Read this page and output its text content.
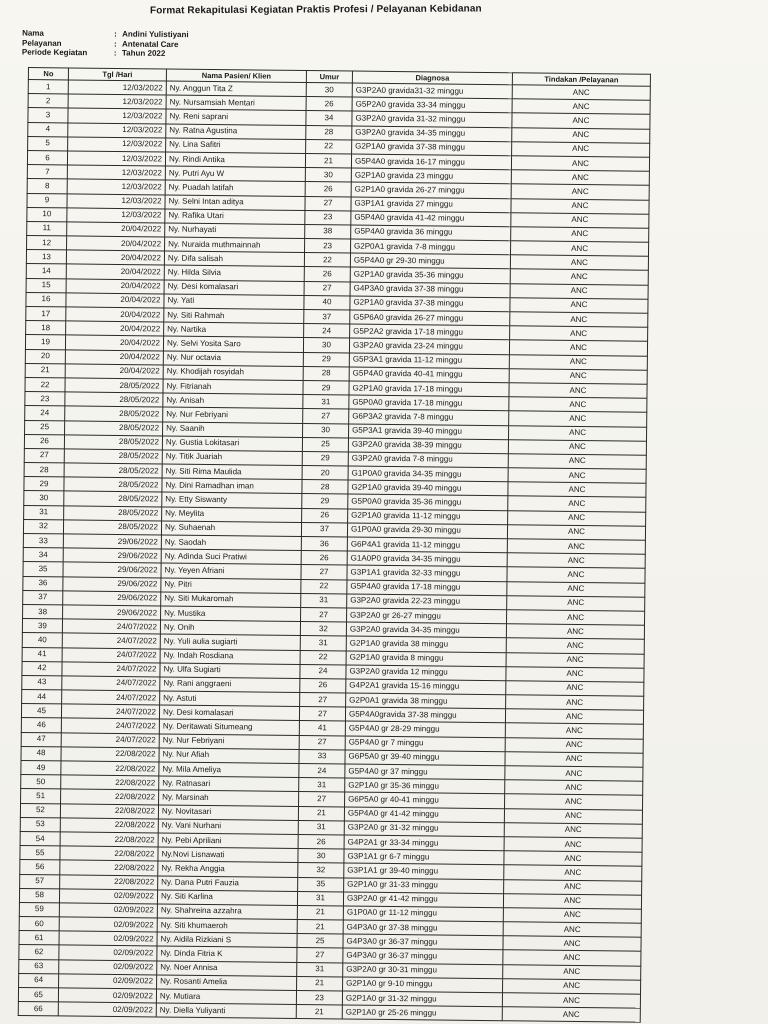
Format Rekapitulasi Kegiatan Praktis Profesi / Pelayanan Kebidanan
Nama	: Andini Yulistiyani
Pelayanan	: Antenatal Care
Periode Kegiatan	: Tahun 2022
No	Tgl /Hari	Nama Pasien/ Klien	Umur	Diagnosa	Tindakan /Pelayanan
1	12/03/2022	Ny. Anggun Tita Z	30	G3P2A0 gravida31-32 minggu	ANC
2	12/03/2022	Ny. Nursamsiah Mentari	26	G5P2A0 gravida 33-34 minggu	ANC
3	12/03/2022	Ny. Reni saprani	34	G3P2A0 gravida 31-32 minggu	ANC
4	12/03/2022	Ny. Ratna Agustina	28	G3P2A0 gravida 34-35 minggu	ANC
5	12/03/2022	Ny. Lina Safitri	22	G2P1A0 gravida 37-38 minggu	ANC
6	12/03/2022	Ny. Rindi Antika	21	G5P4A0 gravida 16-17 minggu	ANC
7	12/03/2022	Ny. Putri Ayu W	30	G2P1A0 gravida 23 minggu	ANC
8	12/03/2022	Ny. Puadah latifah	26	G2P1A0 gravida 26-27 minggu	ANC
9	12/03/2022	Ny. Selni Intan aditya	27	G3P1A1 gravida 27 minggu	ANC
10	12/03/2022	Ny. Rafika Utari	23	G5P4A0 gravida 41-42 minggu	ANC
11	20/04/2022	Ny. Nurhayati	38	G5P4A0 gravida 36 minggu	ANC
12	20/04/2022	Ny. Nuraida muthmainnah	23	G2P0A1 gravida 7-8 minggu	ANC
13	20/04/2022	Ny. Difa salisah	22	G5P4A0 gr 29-30 minggu	ANC
14	20/04/2022	Ny. Hilda Silvia	26	G2P1A0 gravida 35-36 minggu	ANC
15	20/04/2022	Ny. Desi komalasari	27	G4P3A0 gravida 37-38 minggu	ANC
16	20/04/2022	Ny. Yati	40	G2P1A0 gravida 37-38 minggu	ANC
17	20/04/2022	Ny. Siti Rahmah	37	G5P6A0 gravida 26-27 minggu	ANC
18	20/04/2022	Ny. Nartika	24	G5P2A2 gravida 17-18 minggu	ANC
19	20/04/2022	Ny. Selvi Yosita Saro	30	G3P2A0 gravida 23-24 minggu	ANC
20	20/04/2022	Ny. Nur octavia	29	G5P3A1 gravida 11-12 minggu	ANC
21	20/04/2022	Ny. Khodijah rosyidah	28	G5P4A0 gravida 40-41 minggu	ANC
22	28/05/2022	Ny. Fitrianah	29	G2P1A0 gravida 17-18 minggu	ANC
23	28/05/2022	Ny. Anisah	31	G5P0A0 gravida 17-18 minggu	ANC
24	28/05/2022	Ny. Nur Febriyani	27	G6P3A2 gravida 7-8 minggu	ANC
25	28/05/2022	Ny. Saanih	30	G5P3A1 gravida 39-40 minggu	ANC
26	28/05/2022	Ny. Gustia Lokitasari	25	G3P2A0 gravida 38-39 minggu	ANC
27	28/05/2022	Ny. Titik Juariah	29	G3P2A0 gravida 7-8 minggu	ANC
28	28/05/2022	Ny. Siti Rima Maulida	20	G1P0A0 gravida 34-35 minggu	ANC
29	28/05/2022	Ny. Dini Ramadhan iman	28	G2P1A0 gravida 39-40 minggu	ANC
30	28/05/2022	Ny. Etty Siswanty	29	G5P0A0 gravida 35-36 minggu	ANC
31	28/05/2022	Ny. Meylita	26	G2P1A0 gravida 11-12 minggu	ANC
32	28/05/2022	Ny. Suhaenah	37	G1P0A0 gravida 29-30 minggu	ANC
33	29/06/2022	Ny. Saodah	36	G6P4A1 gravida 11-12 minggu	ANC
34	29/06/2022	Ny. Adinda Suci Pratiwi	26	G1A0P0 gravida 34-35 minggu	ANC
35	29/06/2022	Ny. Yeyen Afriani	27	G3P1A1 gravida 32-33 minggu	ANC
36	29/06/2022	Ny. Pitri	22	G5P4A0 gravida 17-18 minggu	ANC
37	29/06/2022	Ny. Siti Mukaromah	31	G3P2A0 gravida 22-23 minggu	ANC
38	29/06/2022	Ny. Mustika	27	G3P2A0 gr 26-27 minggu	ANC
39	24/07/2022	Ny. Onih	32	G3P2A0 gravida 34-35 minggu	ANC
40	24/07/2022	Ny. Yuli aulia sugiarti	31	G2P1A0 gravida 38 minggu	ANC
41	24/07/2022	Ny. Indah Rosdiana	22	G2P1A0 gravida 8 minggu	ANC
42	24/07/2022	Ny. Ulfa Sugiarti	24	G3P2A0 gravida 12 minggu	ANC
43	24/07/2022	Ny. Rani anggraeni	26	G4P2A1 gravida 15-16 minggu	ANC
44	24/07/2022	Ny. Astuti	27	G2P0A1 gravida 38 minggu	ANC
45	24/07/2022	Ny. Desi komalasari	27	G5P4A0gravida 37-38 minggu	ANC
46	24/07/2022	Ny. Deritawati Situmeang	41	G5P4A0 gr 28-29 minggu	ANC
47	24/07/2022	Ny. Nur Febriyani	27	G5P4A0 gr 7 minggu	ANC
48	22/08/2022	Ny. Nur Afiah	33	G6P5A0 gr 39-40 minggu	ANC
49	22/08/2022	Ny. Mila Ameliya	24	G5P4A0 gr 37 minggu	ANC
50	22/08/2022	Ny. Ratnasari	31	G2P1A0 gr 35-36 minggu	ANC
51	22/08/2022	Ny. Marsinah	27	G6P5A0 gr 40-41 minggu	ANC
52	22/08/2022	Ny. Novitasari	21	G5P4A0 gr 41-42 minggu	ANC
53	22/08/2022	Ny. Vani Nurhani	31	G3P2A0 gr 31-32 minggu	ANC
54	22/08/2022	Ny. Pebi Apriliani	26	G4P2A1 gr 33-34 minggu	ANC
55	22/08/2022	Ny.Novi Lisnawati	30	G3P1A1 gr 6-7 minggu	ANC
56	22/08/2022	Ny. Rekha Anggia	32	G3P1A1 gr 39-40 minggu	ANC
57	22/08/2022	Ny. Dana Putri Fauzia	35	G2P1A0 gr 31-33 minggu	ANC
58	02/09/2022	Ny. Siti Karlina	31	G3P2A0 gr 41-42 minggu	ANC
59	02/09/2022	Ny. Shahreina azzahra	21	G1P0A0 gr 11-12 minggu	ANC
60	02/09/2022	Ny. Siti khumaeroh	21	G4P3A0 gr 37-38 minggu	ANC
61	02/09/2022	Ny. Aidila Rizkiani S	25	G4P3A0 gr 36-37 minggu	ANC
62	02/09/2022	Ny. Dinda Fitria K	27	G4P3A0 gr 36-37 minggu	ANC
63	02/09/2022	Ny. Noer Annisa	31	G3P2A0 gr 30-31 minggu	ANC
64	02/09/2022	Ny. Rosanti Amelia	21	G2P1A0 gr 9-10 minggu	ANC
65	02/09/2022	Ny. Mutiara	23	G2P1A0 gr 31-32 minggu	ANC
66	02/09/2022	Ny. Diella Yuliyanti	21	G2P1A0 gr 25-26 minggu	ANC
